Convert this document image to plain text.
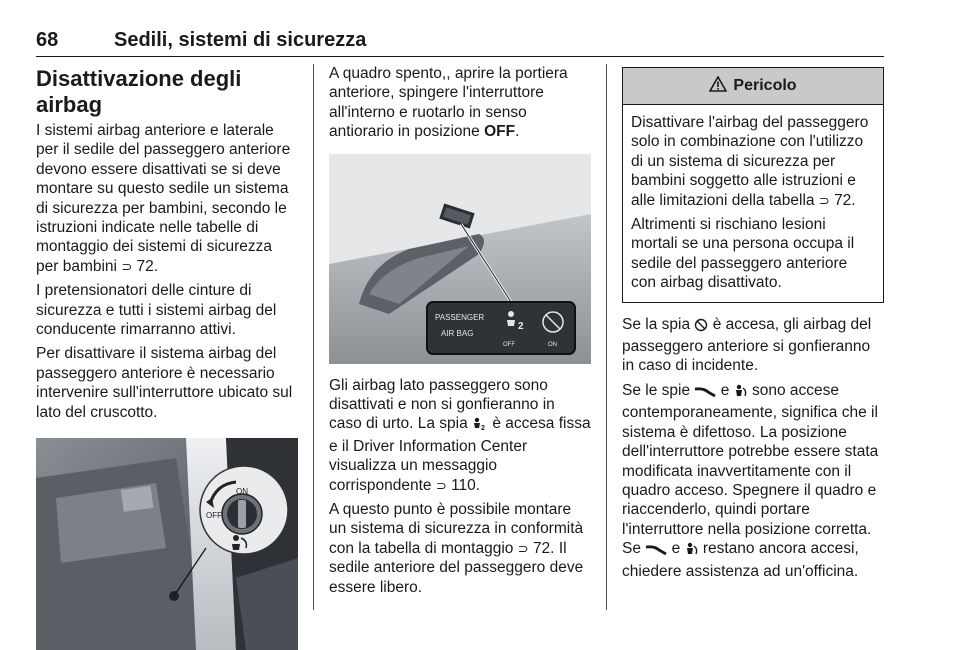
68	Sedili, sistemi di sicurezza
Disattivazione degli airbag

I sistemi airbag anteriore e laterale per il sedile del passeggero anteriore devono essere disattivati se si deve montare su questo sedile un sistema di sicurezza per bambini, secondo le istruzioni indicate nelle tabelle di montaggio dei sistemi di sicurezza per bambini ⊃ 72.

I pretensionatori delle cinture di sicurezza e tutti i sistemi airbag del conducente rimarranno attivi.

Per disattivare il sistema airbag del passeggero anteriore è necessario intervenire sull'interruttore ubicato sul lato del cruscotto.

ON
OFF

A quadro spento,, aprire la portiera anteriore, spingere l'interruttore all'interno e ruotarlo in senso antiorario in posizione OFF.

PASSENGER
AIR BAG
2
OFF	ON

Gli airbag lato passeggero sono disattivati e non si gonfieranno in caso di urto. La spia 2 è accesa fissa e il Driver Information Center visualizza un messaggio corrispondente ⊃ 110.

A questo punto è possibile montare un sistema di sicurezza in conformità con la tabella di montaggio ⊃ 72. Il sedile anteriore del passeggero deve essere libero.

Pericolo

Disattivare l'airbag del passeggero solo in combinazione con l'utilizzo di un sistema di sicurezza per bambini soggetto alle istruzioni e alle limitazioni della tabella ⊃ 72.

Altrimenti si rischiano lesioni mortali se una persona occupa il sedile del passeggero anteriore con airbag disattivato.

Se la spia è accesa, gli airbag del passeggero anteriore si gonfieranno in caso di incidente.

Se le spie e sono accese contemporaneamente, significa che il sistema è difettoso. La posizione dell'interruttore potrebbe essere stata modificata inavvertitamente con il quadro acceso. Spegnere il quadro e riaccenderlo, quindi portare l'interruttore nella posizione corretta. Se e restano ancora accesi, chiedere assistenza ad un'officina.
